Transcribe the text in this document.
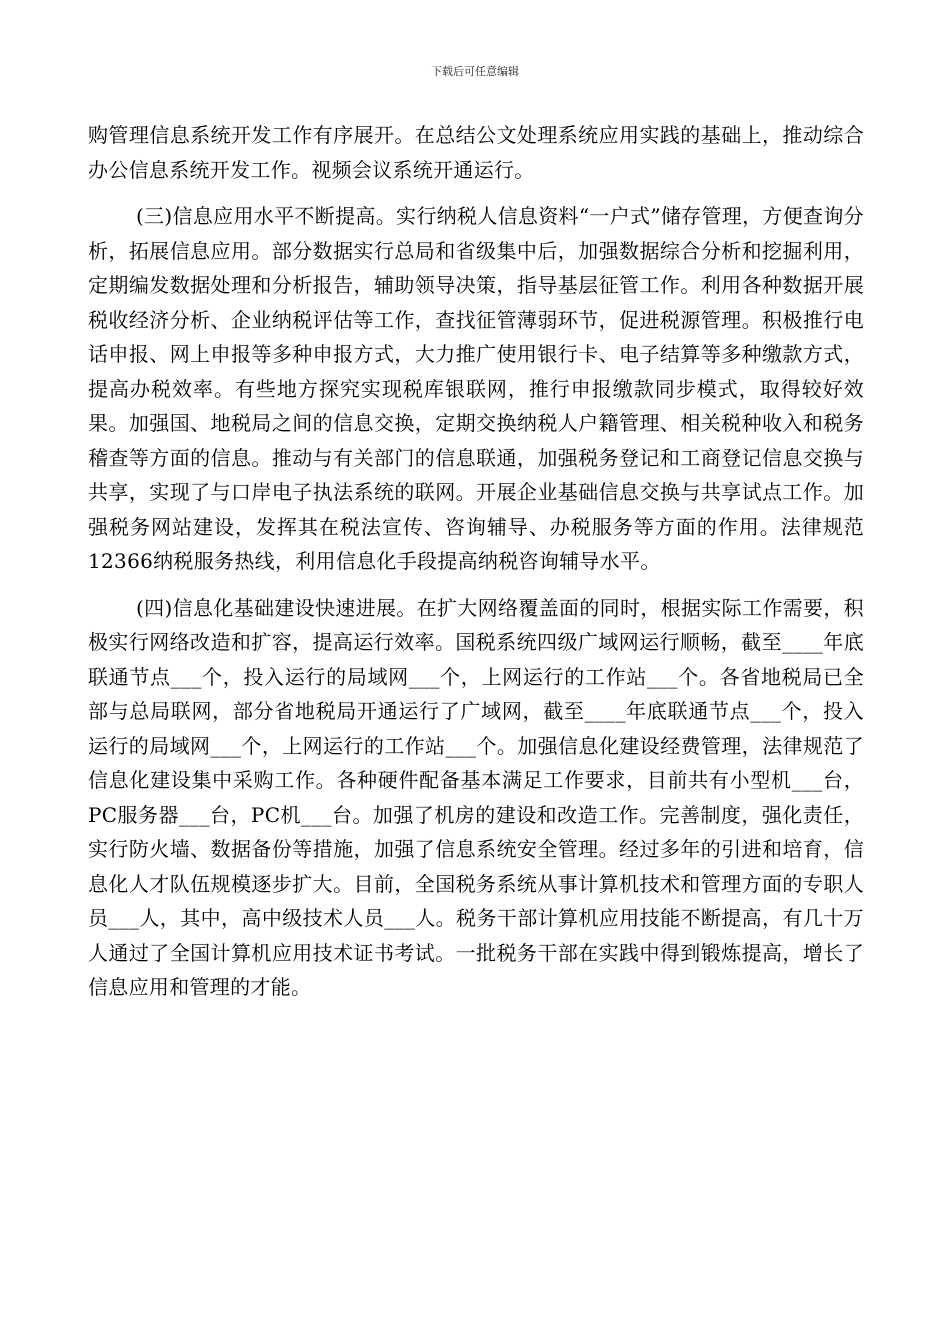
下载后可任意编辑

购管理信息系统开发工作有序展开。在总结公文处理系统应用实践的基础上，推动综合办公信息系统开发工作。视频会议系统开通运行。

(三)信息应用水平不断提高。实行纳税人信息资料“一户式”储存管理，方便查询分析，拓展信息应用。部分数据实行总局和省级集中后，加强数据综合分析和挖掘利用，定期编发数据处理和分析报告，辅助领导决策，指导基层征管工作。利用各种数据开展税收经济分析、企业纳税评估等工作，查找征管薄弱环节，促进税源管理。积极推行电话申报、网上申报等多种申报方式，大力推广使用银行卡、电子结算等多种缴款方式，提高办税效率。有些地方探究实现税库银联网，推行申报缴款同步模式，取得较好效果。加强国、地税局之间的信息交换，定期交换纳税人户籍管理、相关税种收入和税务稽查等方面的信息。推动与有关部门的信息联通，加强税务登记和工商登记信息交换与共享，实现了与口岸电子执法系统的联网。开展企业基础信息交换与共享试点工作。加强税务网站建设，发挥其在税法宣传、咨询辅导、办税服务等方面的作用。法律规范12366纳税服务热线，利用信息化手段提高纳税咨询辅导水平。

(四)信息化基础建设快速进展。在扩大网络覆盖面的同时，根据实际工作需要，积极实行网络改造和扩容，提高运行效率。国税系统四级广域网运行顺畅，截至____年底联通节点___个，投入运行的局域网___个，上网运行的工作站___个。各省地税局已全部与总局联网，部分省地税局开通运行了广域网，截至____年底联通节点___个，投入运行的局域网___个，上网运行的工作站___个。加强信息化建设经费管理，法律规范了信息化建设集中采购工作。各种硬件配备基本满足工作要求，目前共有小型机___台，PC服务器___台，PC机___台。加强了机房的建设和改造工作。完善制度，强化责任，实行防火墙、数据备份等措施，加强了信息系统安全管理。经过多年的引进和培育，信息化人才队伍规模逐步扩大。目前，全国税务系统从事计算机技术和管理方面的专职人员___人，其中，高中级技术人员___人。税务干部计算机应用技能不断提高，有几十万人通过了全国计算机应用技术证书考试。一批税务干部在实践中得到锻炼提高，增长了信息应用和管理的才能。
